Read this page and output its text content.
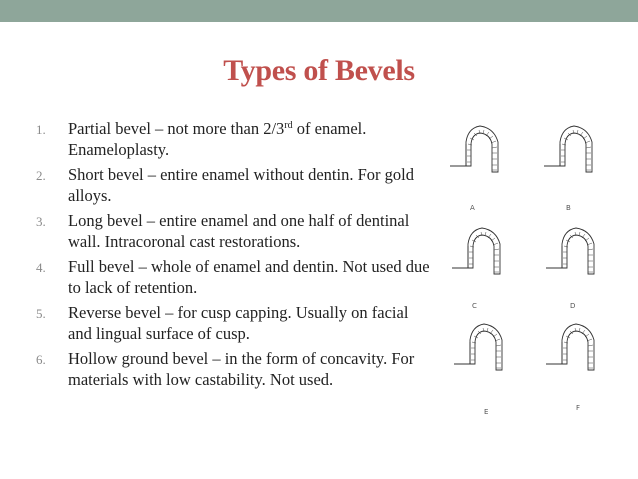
Types of Bevels
1. Partial bevel – not more than 2/3rd of enamel. Enameloplasty.
2. Short bevel – entire enamel without dentin. For gold alloys.
3. Long bevel – entire enamel and one half of dentinal wall. Intracoronal cast restorations.
4. Full bevel – whole of enamel and dentin. Not used due to lack of retention.
5. Reverse bevel – for cusp capping. Usually on facial and lingual surface of cusp.
6. Hollow ground bevel – in the form of concavity. For materials with low castability. Not used.
A	B
C	D
E	F
